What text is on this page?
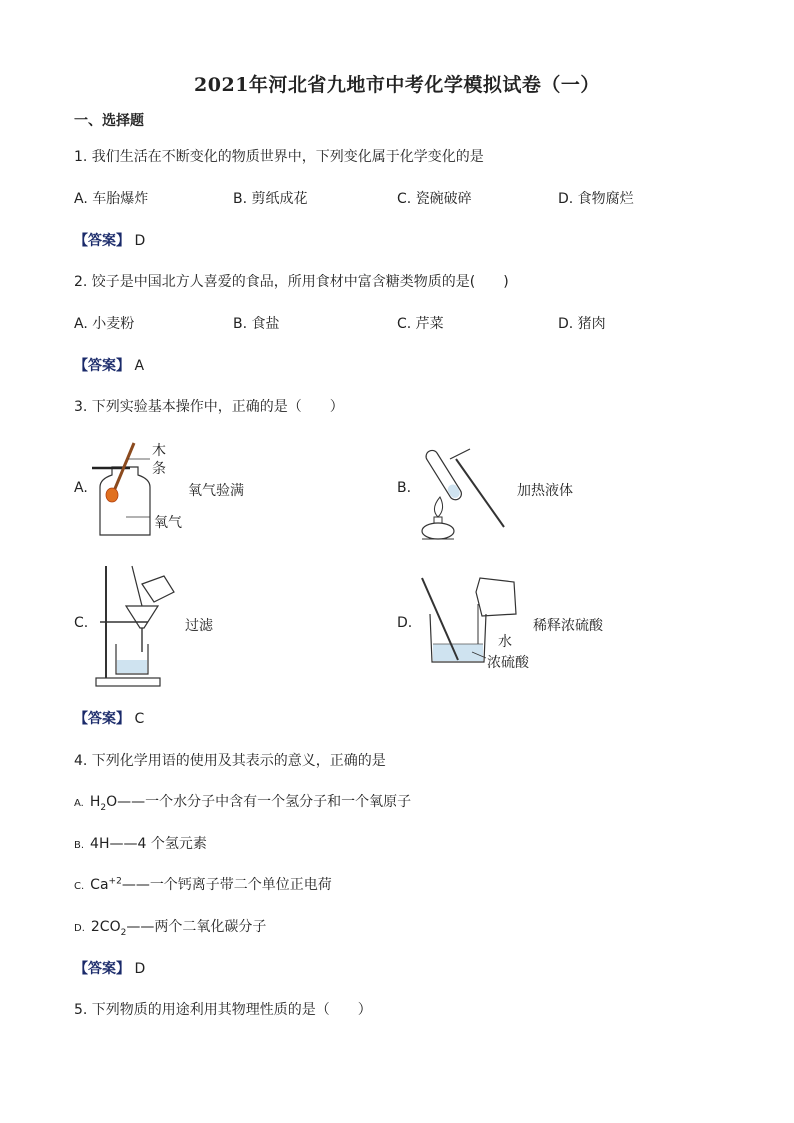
2021年河北省九地市中考化学模拟试卷（一）
一、选择题
1. 我们生活在不断变化的物质世界中，下列变化属于化学变化的是
A. 车胎爆炸	B. 剪纸成花	C. 瓷碗破碎	D. 食物腐烂
【答案】 D
2. 饺子是中国北方人喜爱的食品，所用食材中富含糖类物质的是(　　)
A. 小麦粉	B. 食盐	C. 芹菜	D. 猪肉
【答案】 A
3. 下列实验基本操作中，正确的是（　　）
A.
木
条
氧气
氧气验满	B.	加热液体
C.	过滤	D.
水
浓硫酸
稀释浓硫酸
【答案】 C
4. 下列化学用语的使用及其表示的意义，正确的是
A. $H_2O——$一个水分子中含有一个氢分子和一个氧原子
B. 4H——4 个氢元素
C. $Ca^{+2}——$一个钙离子带二个单位正电荷
D. $2CO_2——$两个二氧化碳分子
【答案】 D
5. 下列物质的用途利用其物理性质的是（　　）
